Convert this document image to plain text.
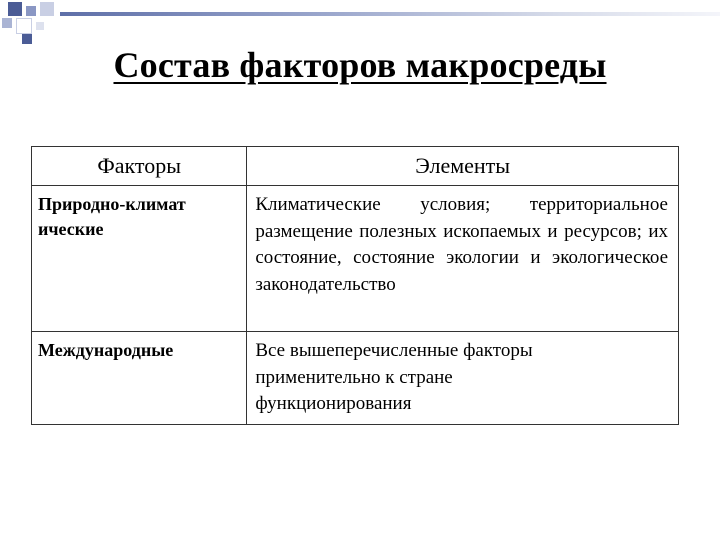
Состав факторов макросреды
Факторы	Элементы

Природно-климатические	Климатические условия; территориальное размещение полезных ископаемых и ресурсов; их состояние, состояние экологии и экологическое законодательство
Международные	Все вышеперечисленные факторы применительно к стране функционирования
